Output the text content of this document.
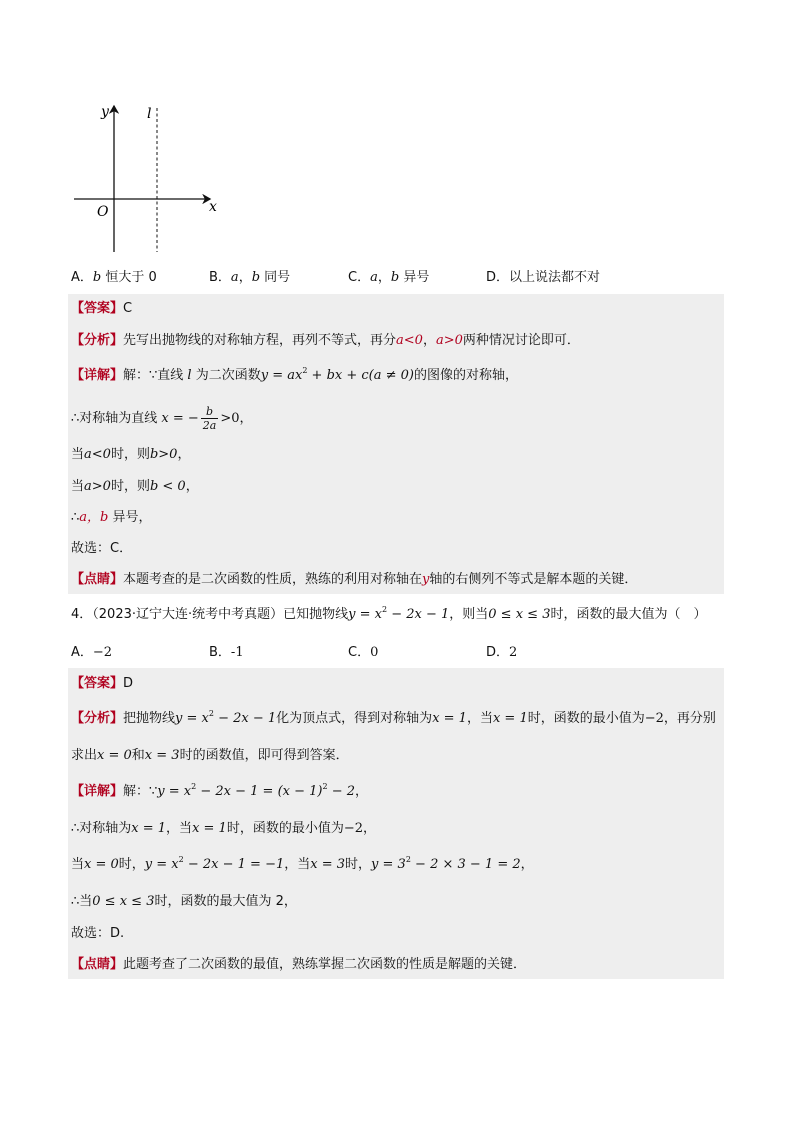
y	l
O	x
A．b 恒大于 0	B．a，b 同号	C．a，b 异号	D．以上说法都不对
【答案】C
【分析】先写出抛物线的对称轴方程，再列不等式，再分a<0，a>0两种情况讨论即可．
【详解】解：∵直线 l 为二次函数$y = ax^2$ + bx + c(a ≠ 0)的图像的对称轴，
∴对称轴为直线 x = − $\frac{b}{2a} >0$，
当a<0时，则b>0，
当a>0时，则b < 0，
∴a，b 异号，
故选：C．
【点睛】本题考查的是二次函数的性质，熟练的利用对称轴在y轴的右侧列不等式是解本题的关键．
4．（2023·辽宁大连·统考中考真题）已知抛物线$y = x^2 - 2x - 1$，则当0 ≤ x ≤ 3时，函数的最大值为（　）
A．−2	B．-1	C．0	D．2
【答案】D
【分析】把抛物线$y = x^2 - 2x - 1$化为顶点式，得到对称轴为x = 1，当x = 1时，函数的最小值为−2，再分别
求出x = 0和x = 3时的函数值，即可得到答案．
【详解】解：∵y = $x^2 - 2x - 1 = (x - 1)^2 - 2$，
∴对称轴为x = 1，当x = 1时，函数的最小值为−2，
当x = 0时，$y = x^2 - 2x - 1 = -1$，当x = 3时，$y = 3^2 - 2 \times 3 - 1 = 2$，
∴当0 ≤ x ≤ 3时，函数的最大值为 2，
故选：D.
【点睛】此题考查了二次函数的最值，熟练掌握二次函数的性质是解题的关键．
